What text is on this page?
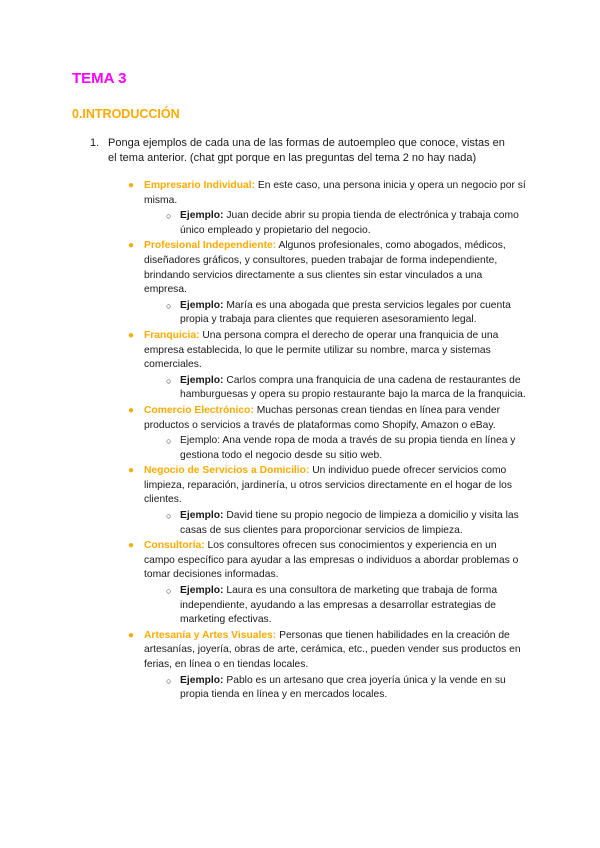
TEMA 3
0.INTRODUCCIÓN
1. Ponga ejemplos de cada una de las formas de autoempleo que conoce, vistas en el tema anterior. (chat gpt porque en las preguntas del tema 2 no hay nada)
● Empresario Individual: En este caso, una persona inicia y opera un negocio por sí misma.
○ Ejemplo: Juan decide abrir su propia tienda de electrónica y trabaja como único empleado y propietario del negocio.
● Profesional Independiente: Algunos profesionales, como abogados, médicos, diseñadores gráficos, y consultores, pueden trabajar de forma independiente, brindando servicios directamente a sus clientes sin estar vinculados a una empresa.
○ Ejemplo: María es una abogada que presta servicios legales por cuenta propia y trabaja para clientes que requieren asesoramiento legal.
● Franquicia: Una persona compra el derecho de operar una franquicia de una empresa establecida, lo que le permite utilizar su nombre, marca y sistemas comerciales.
○ Ejemplo: Carlos compra una franquicia de una cadena de restaurantes de hamburguesas y opera su propio restaurante bajo la marca de la franquicia.
● Comercio Electrónico: Muchas personas crean tiendas en línea para vender productos o servicios a través de plataformas como Shopify, Amazon o eBay.
○ Ejemplo: Ana vende ropa de moda a través de su propia tienda en línea y gestiona todo el negocio desde su sitio web.
● Negocio de Servicios a Domicilio: Un individuo puede ofrecer servicios como limpieza, reparación, jardinería, u otros servicios directamente en el hogar de los clientes.
○ Ejemplo: David tiene su propio negocio de limpieza a domicilio y visita las casas de sus clientes para proporcionar servicios de limpieza.
● Consultoría: Los consultores ofrecen sus conocimientos y experiencia en un campo específico para ayudar a las empresas o individuos a abordar problemas o tomar decisiones informadas.
○ Ejemplo: Laura es una consultora de marketing que trabaja de forma independiente, ayudando a las empresas a desarrollar estrategias de marketing efectivas.
● Artesanía y Artes Visuales: Personas que tienen habilidades en la creación de artesanías, joyería, obras de arte, cerámica, etc., pueden vender sus productos en ferias, en línea o en tiendas locales.
○ Ejemplo: Pablo es un artesano que crea joyería única y la vende en su propia tienda en línea y en mercados locales.
